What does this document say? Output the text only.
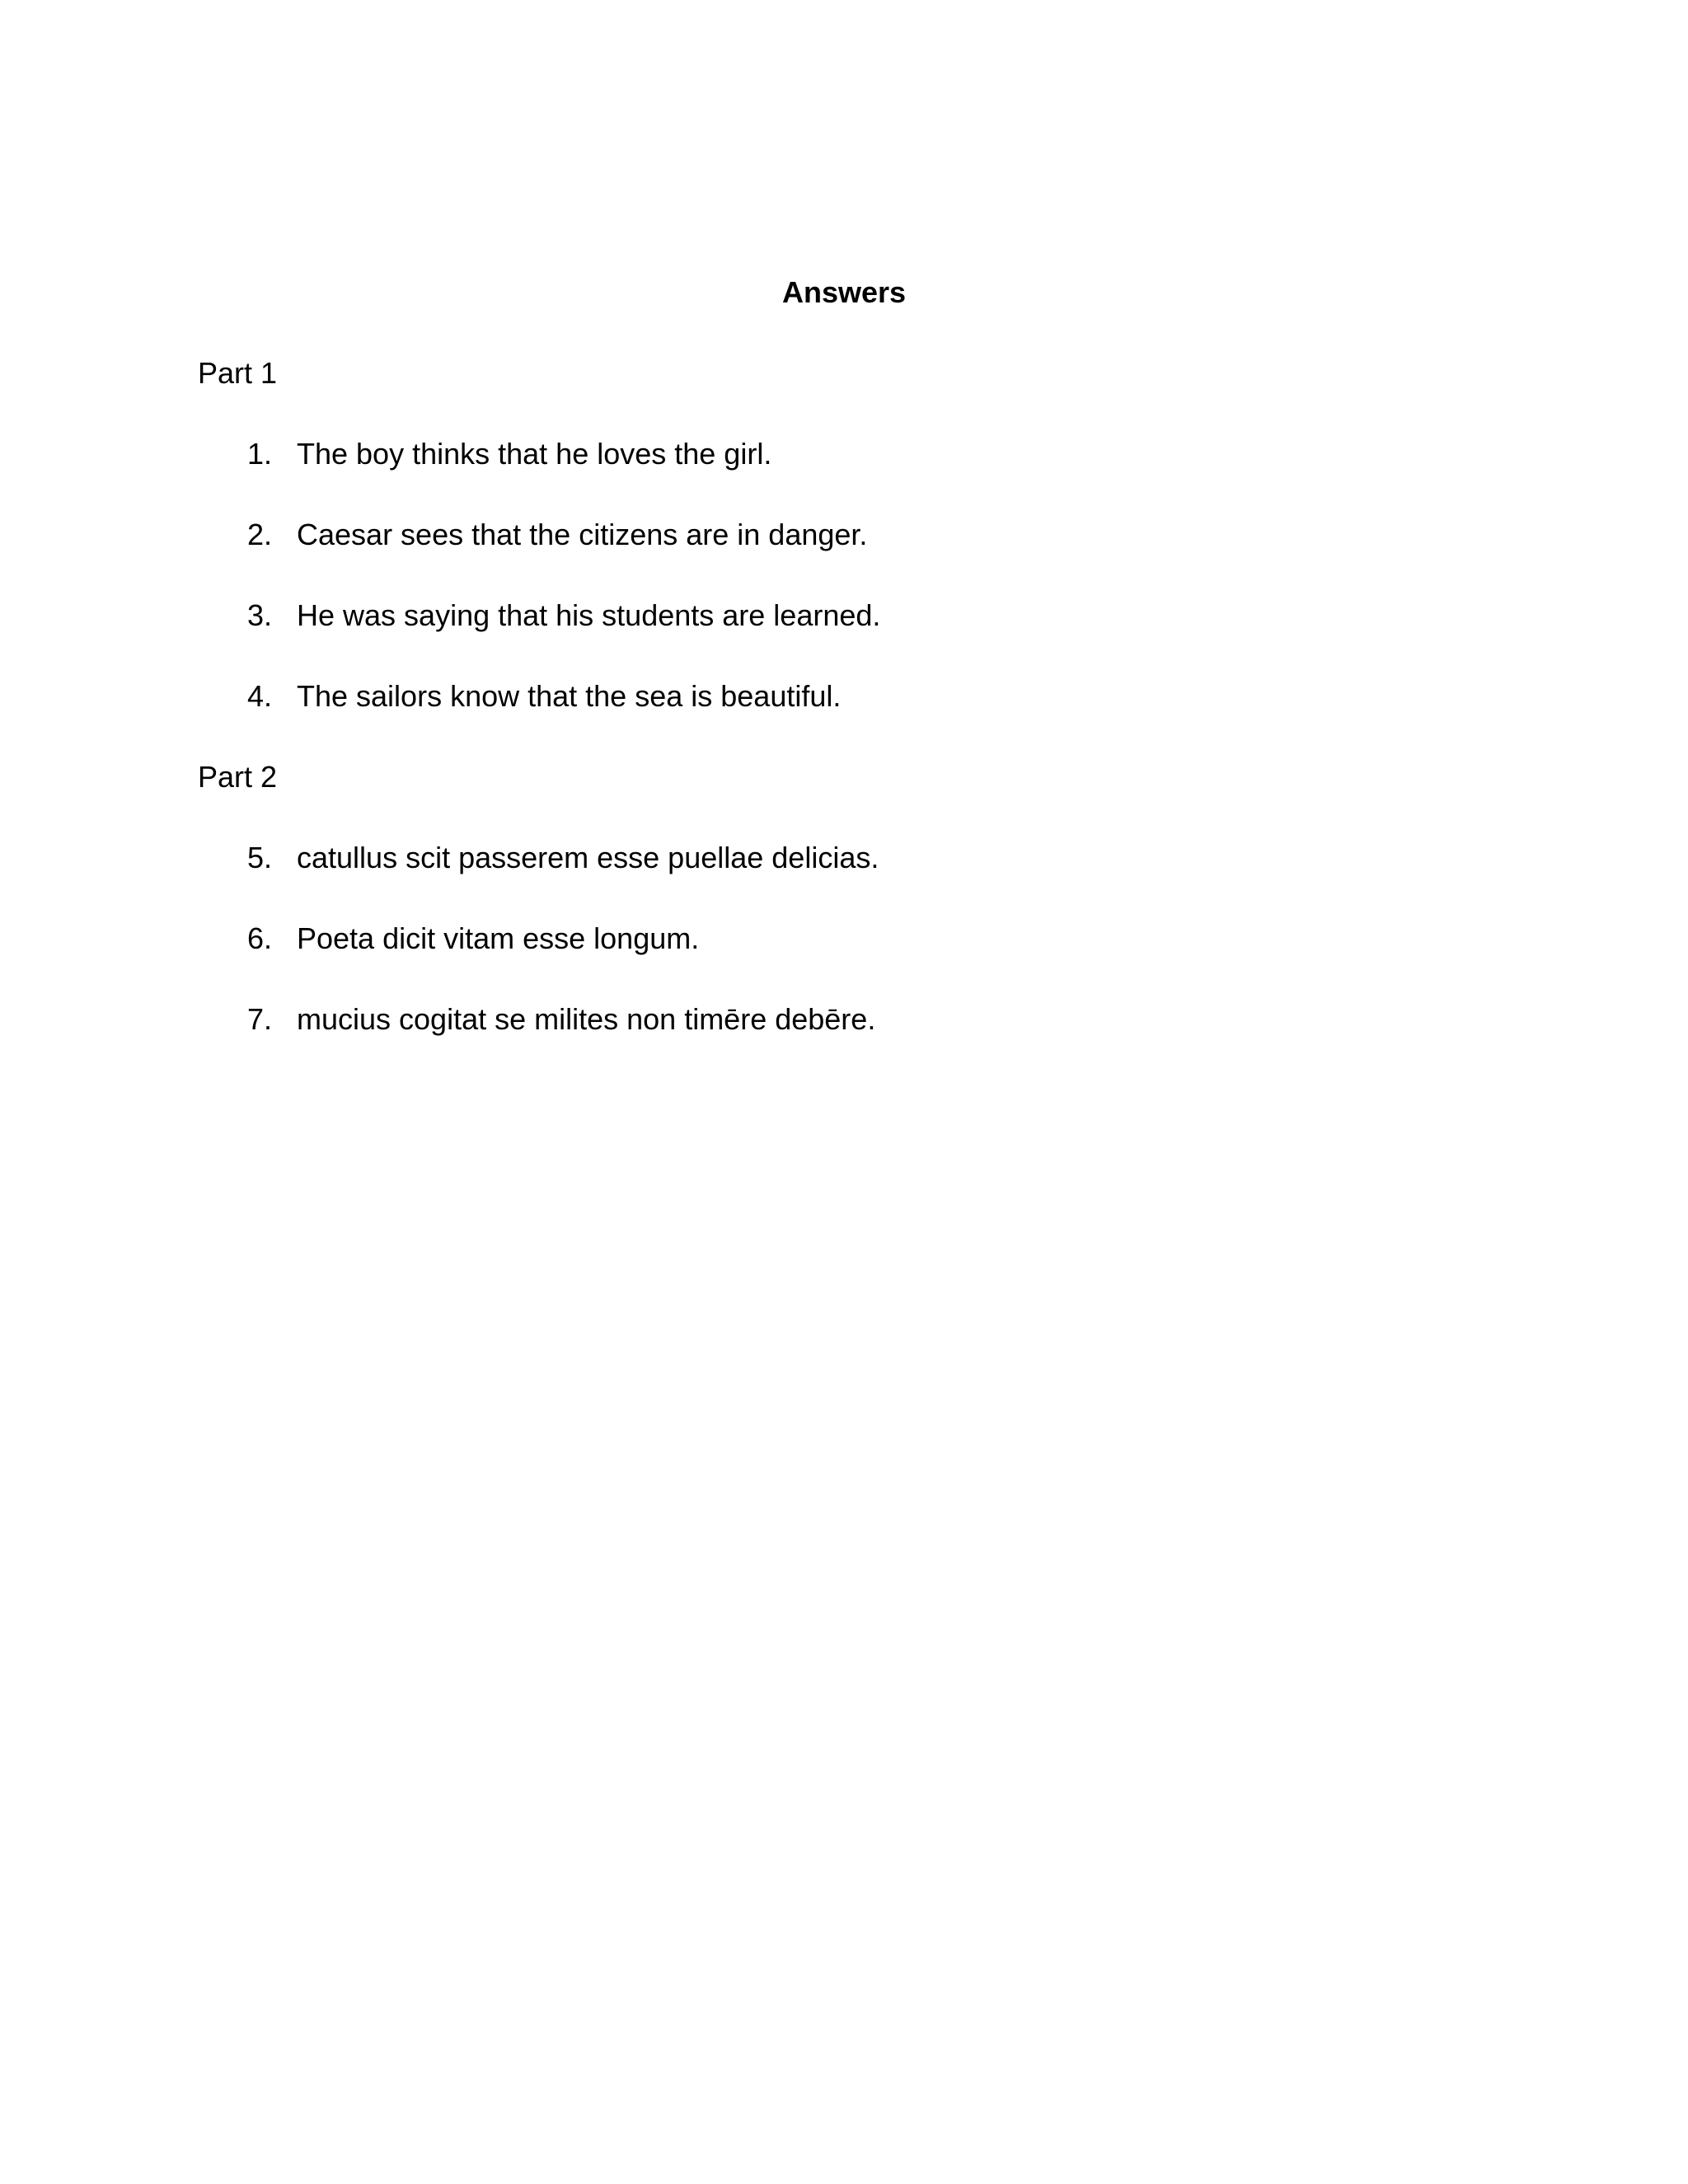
Answers
Part 1
1. The boy thinks that he loves the girl.
2. Caesar sees that the citizens are in danger.
3. He was saying that his students are learned.
4. The sailors know that the sea is beautiful.
Part 2
5. catullus scit passerem esse puellae delicias.
6. Poeta dicit vitam esse longum.
7. mucius cogitat se milites non timēre debēre.
